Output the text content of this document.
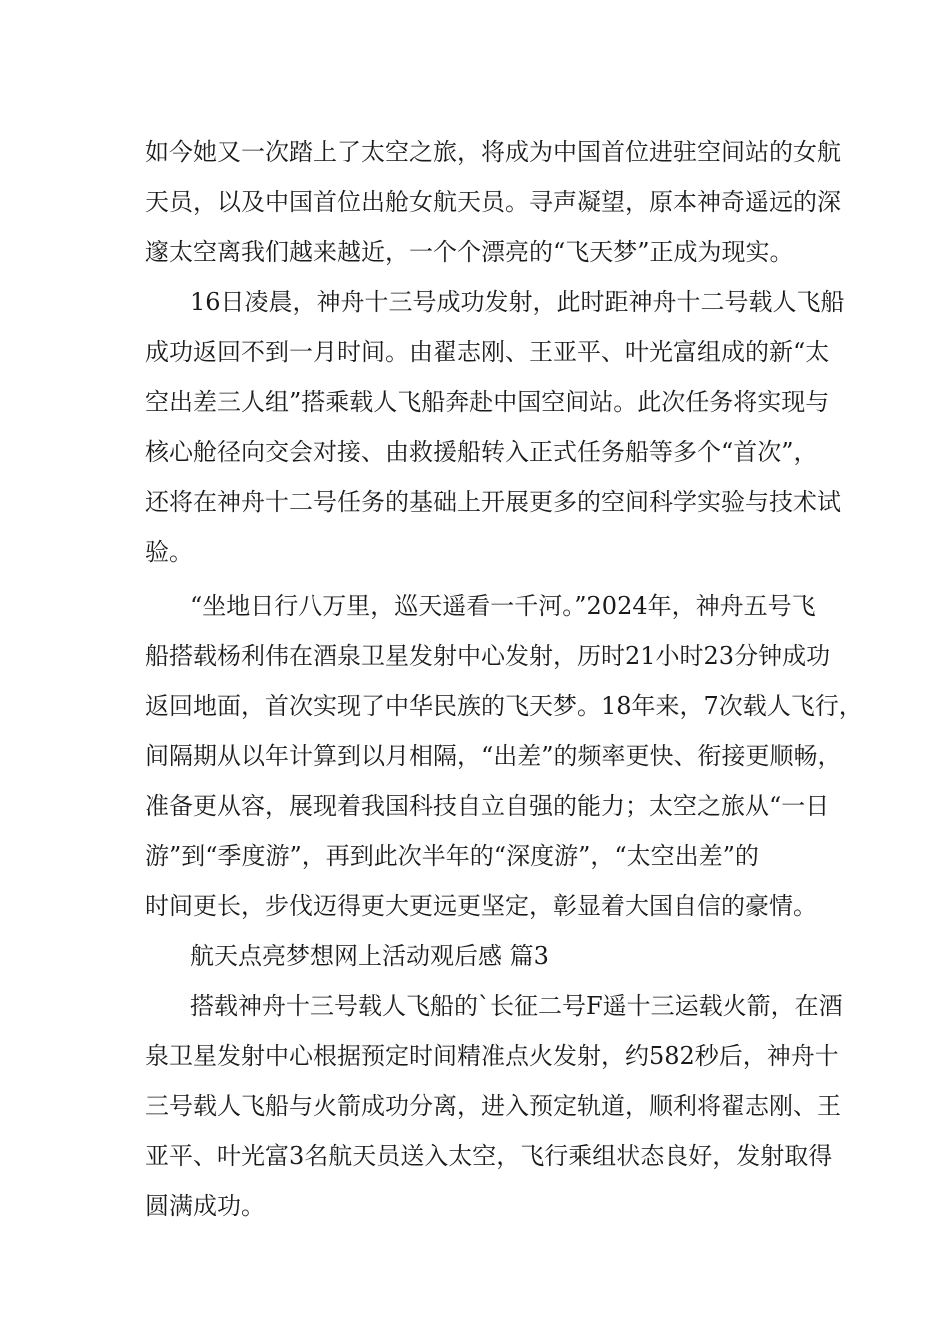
如今她又一次踏上了太空之旅，将成为中国首位进驻空间站的女航
天员，以及中国首位出舱女航天员。寻声凝望，原本神奇遥远的深
邃太空离我们越来越近，一个个漂亮的“飞天梦”正成为现实。
16日凌晨，神舟十三号成功发射，此时距神舟十二号载人飞船
成功返回不到一月时间。由翟志刚、王亚平、叶光富组成的新“太
空出差三人组”搭乘载人飞船奔赴中国空间站。此次任务将实现与
核心舱径向交会对接、由救援船转入正式任务船等多个“首次”，
还将在神舟十二号任务的基础上开展更多的空间科学实验与技术试
验。
“坐地日行八万里，巡天遥看一千河。”2024年，神舟五号飞
船搭载杨利伟在酒泉卫星发射中心发射，历时21小时23分钟成功
返回地面，首次实现了中华民族的飞天梦。18年来，7次载人飞行，
间隔期从以年计算到以月相隔，“出差”的频率更快、衔接更顺畅，
准备更从容，展现着我国科技自立自强的能力；太空之旅从“一日
游”到“季度游”，再到此次半年的“深度游”，“太空出差”的
时间更长，步伐迈得更大更远更坚定，彰显着大国自信的豪情。
航天点亮梦想网上活动观后感 篇3
搭载神舟十三号载人飞船的`长征二号F遥十三运载火箭，在酒
泉卫星发射中心根据预定时间精准点火发射，约582秒后，神舟十
三号载人飞船与火箭成功分离，进入预定轨道，顺利将翟志刚、王
亚平、叶光富3名航天员送入太空，飞行乘组状态良好，发射取得
圆满成功。
